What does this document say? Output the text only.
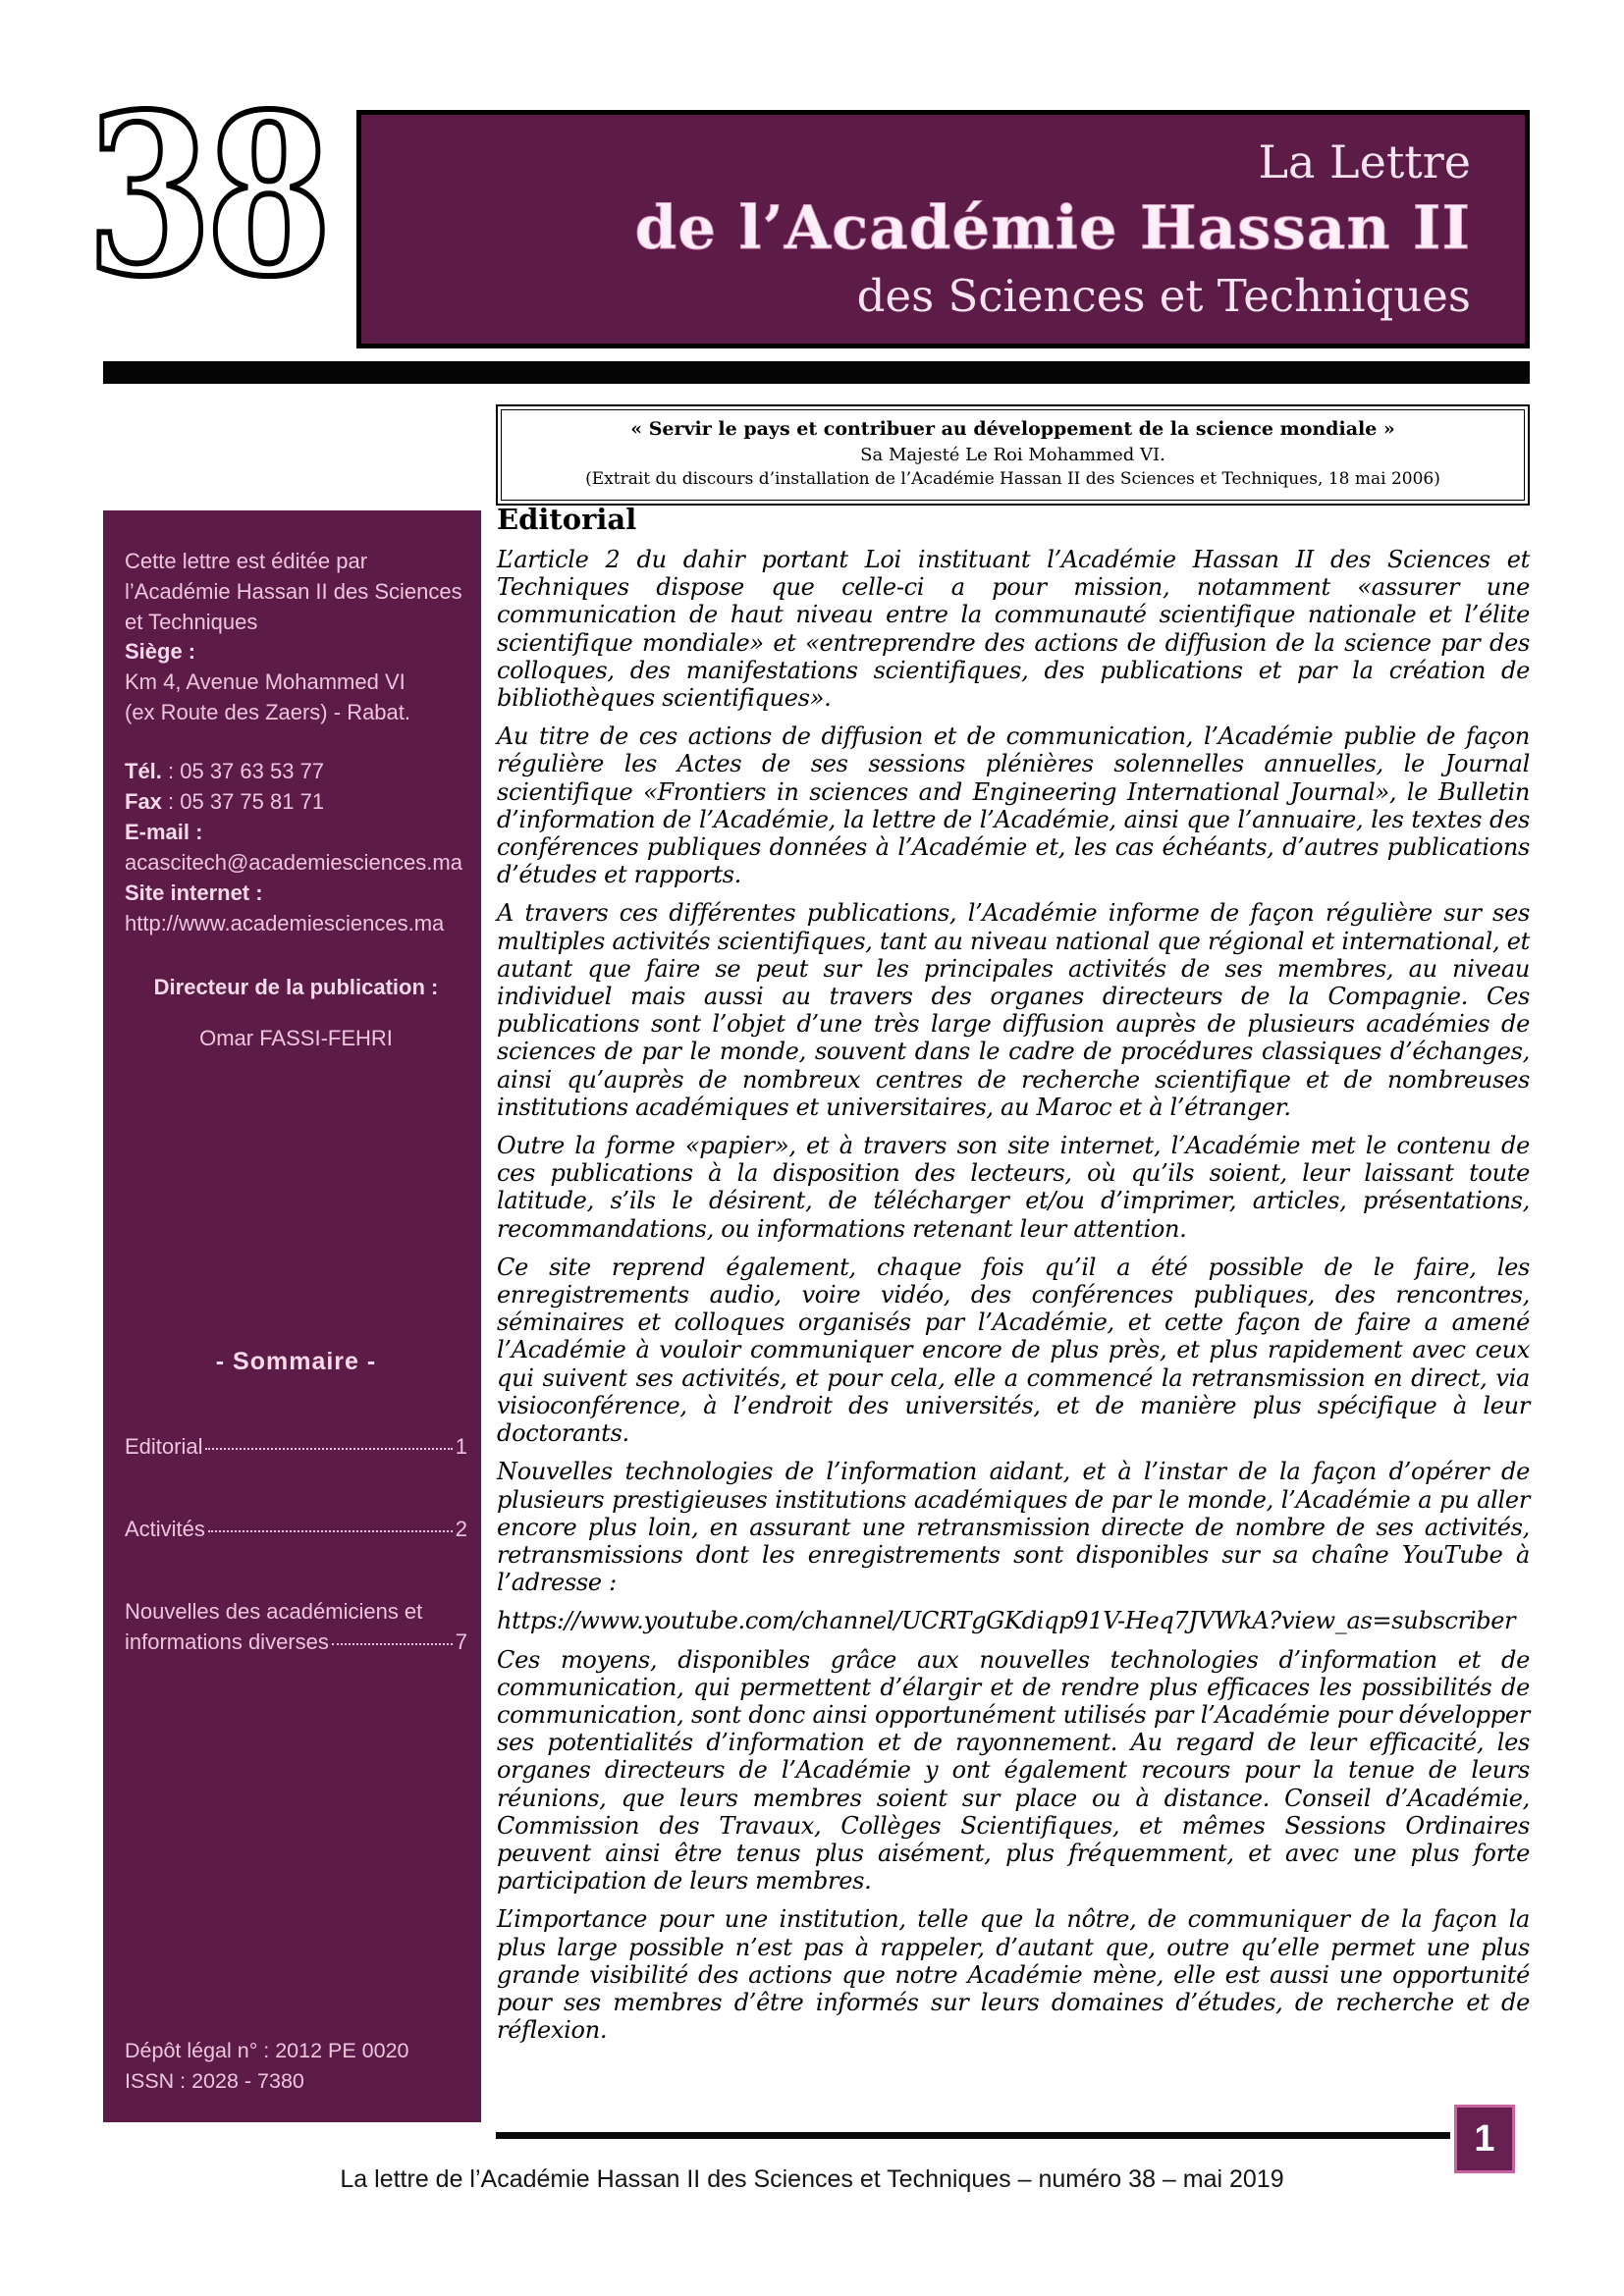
38	La Lettre
de l’Académie Hassan II
des Sciences et Techniques
« Servir le pays et contribuer au développement de la science mondiale »
Sa Majesté Le Roi Mohammed VI.
(Extrait du discours d’installation de l’Académie Hassan II des Sciences et Techniques, 18 mai 2006)
Cette lettre est éditée par l’Académie Hassan II des Sciences et Techniques
Siège :
Km 4, Avenue Mohammed VI
(ex Route des Zaers) - Rabat.
Tél. : 05 37 63 53 77
Fax : 05 37 75 81 71
E-mail :
acascitech@academiesciences.ma
Site internet :
http://www.academiesciences.ma
Directeur de la publication :
Omar FASSI-FEHRI
- Sommaire -
Editorial	1
Activités	2
Nouvelles des académiciens et
informations diverses	7
Dépôt légal n° : 2012 PE 0020
ISSN : 2028 - 7380
Editorial

L’article 2 du dahir portant Loi instituant l’Académie Hassan II des Sciences et Techniques dispose que celle-ci a pour mission, notamment «assurer une communication de haut niveau entre la communauté scientifique nationale et l’élite scientifique mondiale» et «entreprendre des actions de diffusion de la science par des colloques, des manifestations scientifiques, des publications et par la création de bibliothèques scientifiques».

Au titre de ces actions de diffusion et de communication, l’Académie publie de façon régulière les Actes de ses sessions plénières solennelles annuelles, le Journal scientifique «Frontiers in sciences and Engineering International Journal», le Bulletin d’information de l’Académie, la lettre de l’Académie, ainsi que l’annuaire, les textes des conférences publiques données à l’Académie et, les cas échéants, d’autres publications d’études et rapports.

A travers ces différentes publications, l’Académie informe de façon régulière sur ses multiples activités scientifiques, tant au niveau national que régional et international, et autant que faire se peut sur les principales activités de ses membres, au niveau individuel mais aussi au travers des organes directeurs de la Compagnie. Ces publications sont l’objet d’une très large diffusion auprès de plusieurs académies de sciences de par le monde, souvent dans le cadre de procédures classiques d’échanges, ainsi qu’auprès de nombreux centres de recherche scientifique et de nombreuses institutions académiques et universitaires, au Maroc et à l’étranger.

Outre la forme «papier», et à travers son site internet, l’Académie met le contenu de ces publications à la disposition des lecteurs, où qu’ils soient, leur laissant toute latitude, s’ils le désirent, de télécharger et/ou d’imprimer, articles, présentations, recommandations, ou informations retenant leur attention.

Ce site reprend également, chaque fois qu’il a été possible de le faire, les enregistrements audio, voire vidéo, des conférences publiques, des rencontres, séminaires et colloques organisés par l’Académie, et cette façon de faire a amené l’Académie à vouloir communiquer encore de plus près, et plus rapidement avec ceux qui suivent ses activités, et pour cela, elle a commencé la retransmission en direct, via visioconférence, à l’endroit des universités, et de manière plus spécifique à leur doctorants.

Nouvelles technologies de l’information aidant, et à l’instar de la façon d’opérer de plusieurs prestigieuses institutions académiques de par le monde, l’Académie a pu aller encore plus loin, en assurant une retransmission directe de nombre de ses activités, retransmissions dont les enregistrements sont disponibles sur sa chaîne YouTube à l’adresse :

https://www.youtube.com/channel/UCRTgGKdiqp91V-Heq7JVWkA?view_as=subscriber

Ces moyens, disponibles grâce aux nouvelles technologies d’information et de communication, qui permettent d’élargir et de rendre plus efficaces les possibilités de communication, sont donc ainsi opportunément utilisés par l’Académie pour développer ses potentialités d’information et de rayonnement. Au regard de leur efficacité, les organes directeurs de l’Académie y ont également recours pour la tenue de leurs réunions, que leurs membres soient sur place ou à distance. Conseil d’Académie, Commission des Travaux, Collèges Scientifiques, et mêmes Sessions Ordinaires peuvent ainsi être tenus plus aisément, plus fréquemment, et avec une plus forte participation de leurs membres.

L’importance pour une institution, telle que la nôtre, de communiquer de la façon la plus large possible n’est pas à rappeler, d’autant que, outre qu’elle permet une plus grande visibilité des actions que notre Académie mène, elle est aussi une opportunité pour ses membres d’être informés sur leurs domaines d’études, de recherche et de réflexion.

1
La lettre de l’Académie Hassan II des Sciences et Techniques – numéro 38 – mai 2019
